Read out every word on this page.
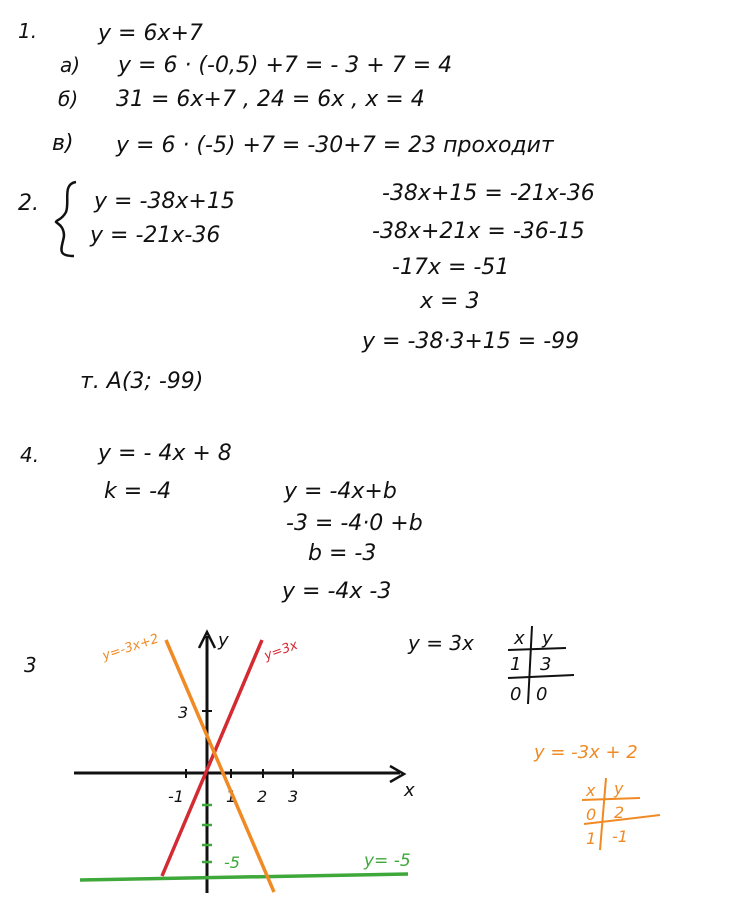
1.	y = 6x+7
а) y = 6 · (-0,5) +7 = - 3 + 7 = 4
б) 31 = 6x+7 , 24 = 6x , x = 4
в) y = 6 · (-5) +7 = -30+7 = 23 проходит
2.	y = -38x+15
y = -21x-36
-38x+15 = -21x-36
-38x+21x = -36-15
-17x = -51
x = 3
y = -38·3+15 = -99
т. A(3; -99)
4.	y = - 4x + 8
k = -4	y = -4x+b
-3 = -4·0 +b
b = -3
y = -4x -3
3
x
y
-1	1 2 3
3
-5
y=3x
y=-3x+2
y= -5
y = 3x x y
1 3
0 0
y = -3x + 2
x y
0 2
1 -1
